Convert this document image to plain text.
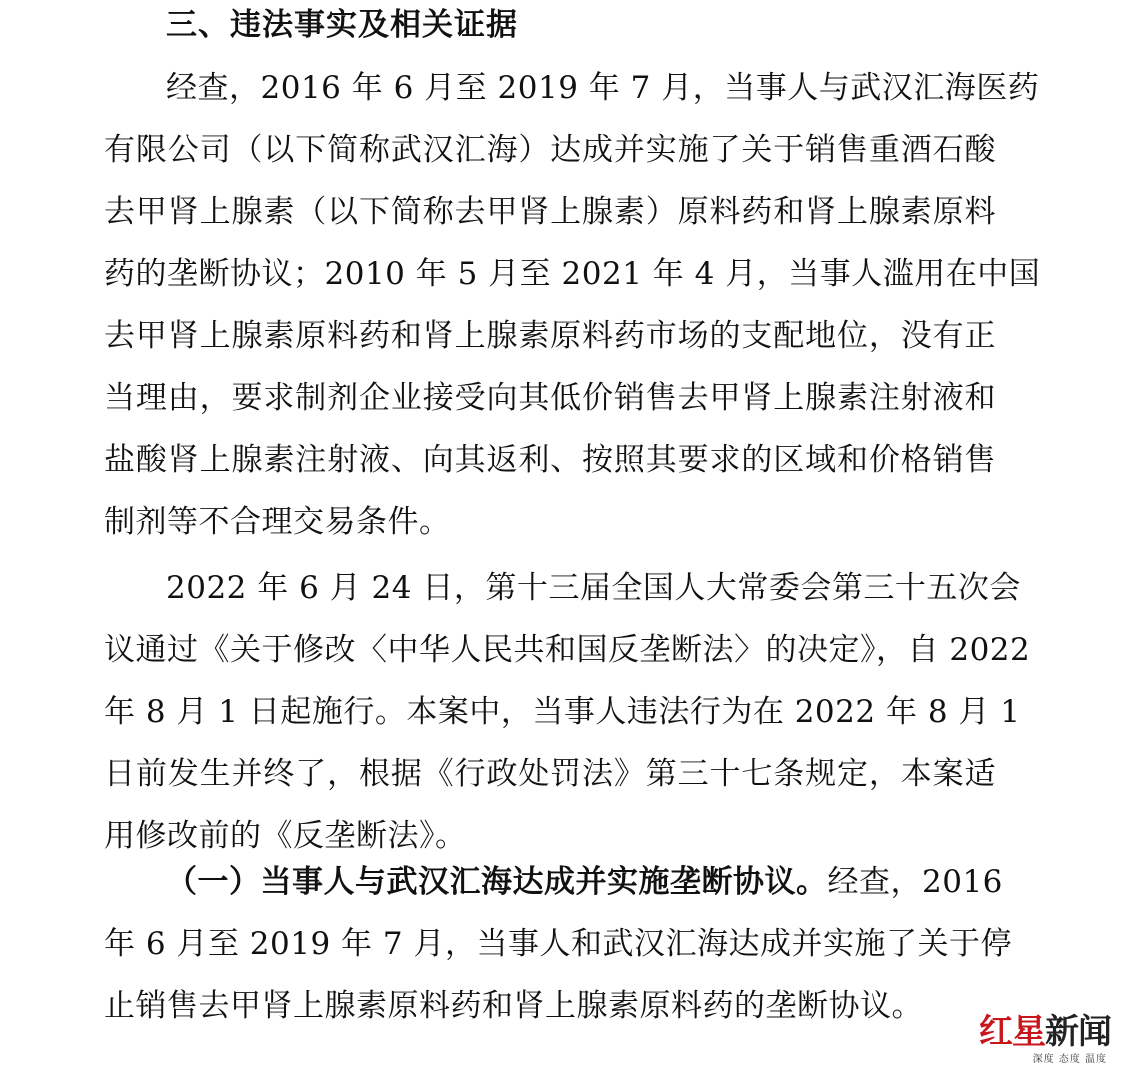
三、违法事实及相关证据
经查，2016 年 6 月至 2019 年 7 月，当事人与武汉汇海医药
有限公司（以下简称武汉汇海）达成并实施了关于销售重酒石酸
去甲肾上腺素（以下简称去甲肾上腺素）原料药和肾上腺素原料
药的垄断协议；2010 年 5 月至 2021 年 4 月，当事人滥用在中国
去甲肾上腺素原料药和肾上腺素原料药市场的支配地位，没有正
当理由，要求制剂企业接受向其低价销售去甲肾上腺素注射液和
盐酸肾上腺素注射液、向其返利、按照其要求的区域和价格销售
制剂等不合理交易条件。
2022 年 6 月 24 日，第十三届全国人大常委会第三十五次会
议通过《关于修改〈中华人民共和国反垄断法〉的决定》，自 2022
年 8 月 1 日起施行。本案中，当事人违法行为在 2022 年 8 月 1
日前发生并终了，根据《行政处罚法》第三十七条规定，本案适
用修改前的《反垄断法》。
（一）当事人与武汉汇海达成并实施垄断协议。经查，2016
年 6 月至 2019 年 7 月，当事人和武汉汇海达成并实施了关于停
止销售去甲肾上腺素原料药和肾上腺素原料药的垄断协议。
红星新闻
深度 态度 温度
